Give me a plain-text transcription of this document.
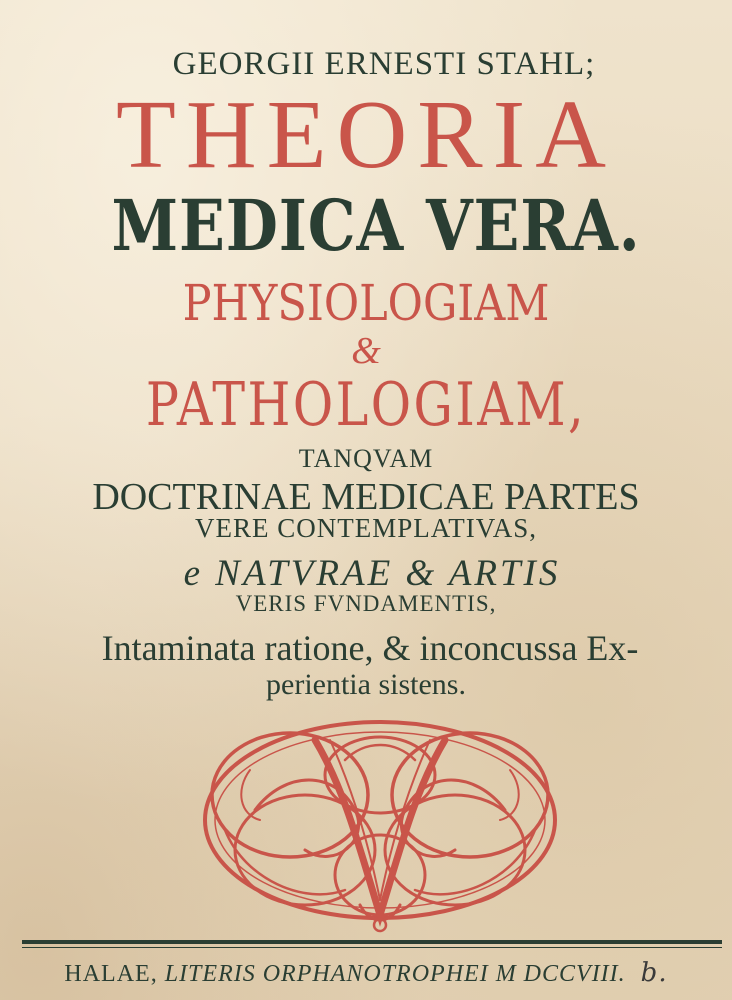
GEORGII ERNESTI STAHL;
THEORIA
MEDICA VERA.
PHYSIOLOGIAM
&
PATHOLOGIAM,
TANQVAM
DOCTRINAE MEDICAE PARTES
VERE CONTEMPLATIVAS,
e NATVRAE & ARTIS
VERIS FVNDAMENTIS,
Intaminata ratione, & inconcussa Ex-
perientia sistens.
HALAE, LITERIS ORPHANOTROPHEI M DCCVIII. b.
